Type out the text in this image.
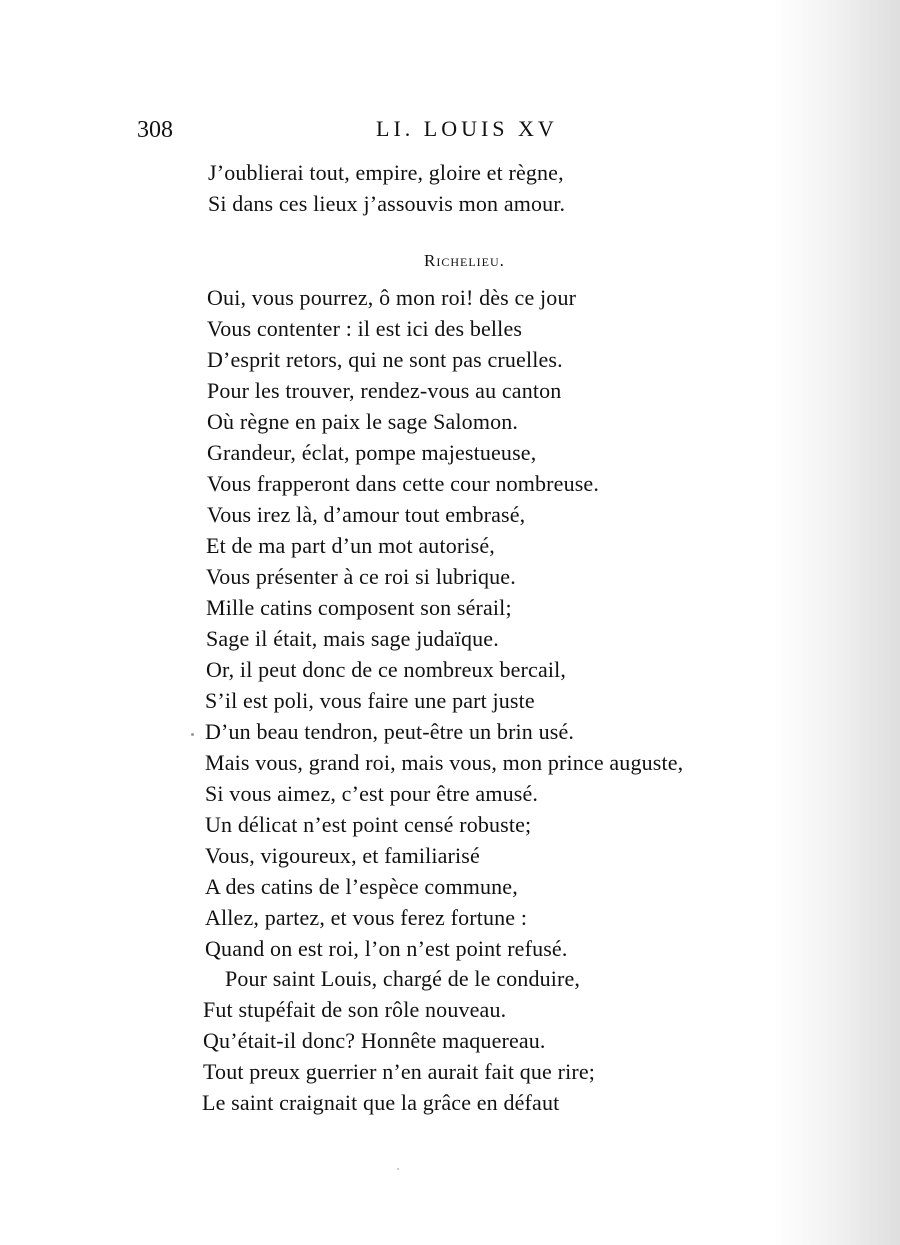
308	LI. LOUIS XV
J’oublierai tout, empire, gloire et règne,
Si dans ces lieux j’assouvis mon amour.
Richelieu.
Oui, vous pourrez, ô mon roi! dès ce jour
Vous contenter : il est ici des belles
D’esprit retors, qui ne sont pas cruelles.
Pour les trouver, rendez-vous au canton
Où règne en paix le sage Salomon.
Grandeur, éclat, pompe majestueuse,
Vous frapperont dans cette cour nombreuse.
Vous irez là, d’amour tout embrasé,
Et de ma part d’un mot autorisé,
Vous présenter à ce roi si lubrique.
Mille catins composent son sérail;
Sage il était, mais sage judaïque.
Or, il peut donc de ce nombreux bercail,
S’il est poli, vous faire une part juste
D’un beau tendron, peut-être un brin usé.
Mais vous, grand roi, mais vous, mon prince auguste,
Si vous aimez, c’est pour être amusé.
Un délicat n’est point censé robuste;
Vous, vigoureux, et familiarisé
A des catins de l’espèce commune,
Allez, partez, et vous ferez fortune :
Quand on est roi, l’on n’est point refusé.
Pour saint Louis, chargé de le conduire,
Fut stupéfait de son rôle nouveau.
Qu’était-il donc? Honnête maquereau.
Tout preux guerrier n’en aurait fait que rire;
Le saint craignait que la grâce en défaut
